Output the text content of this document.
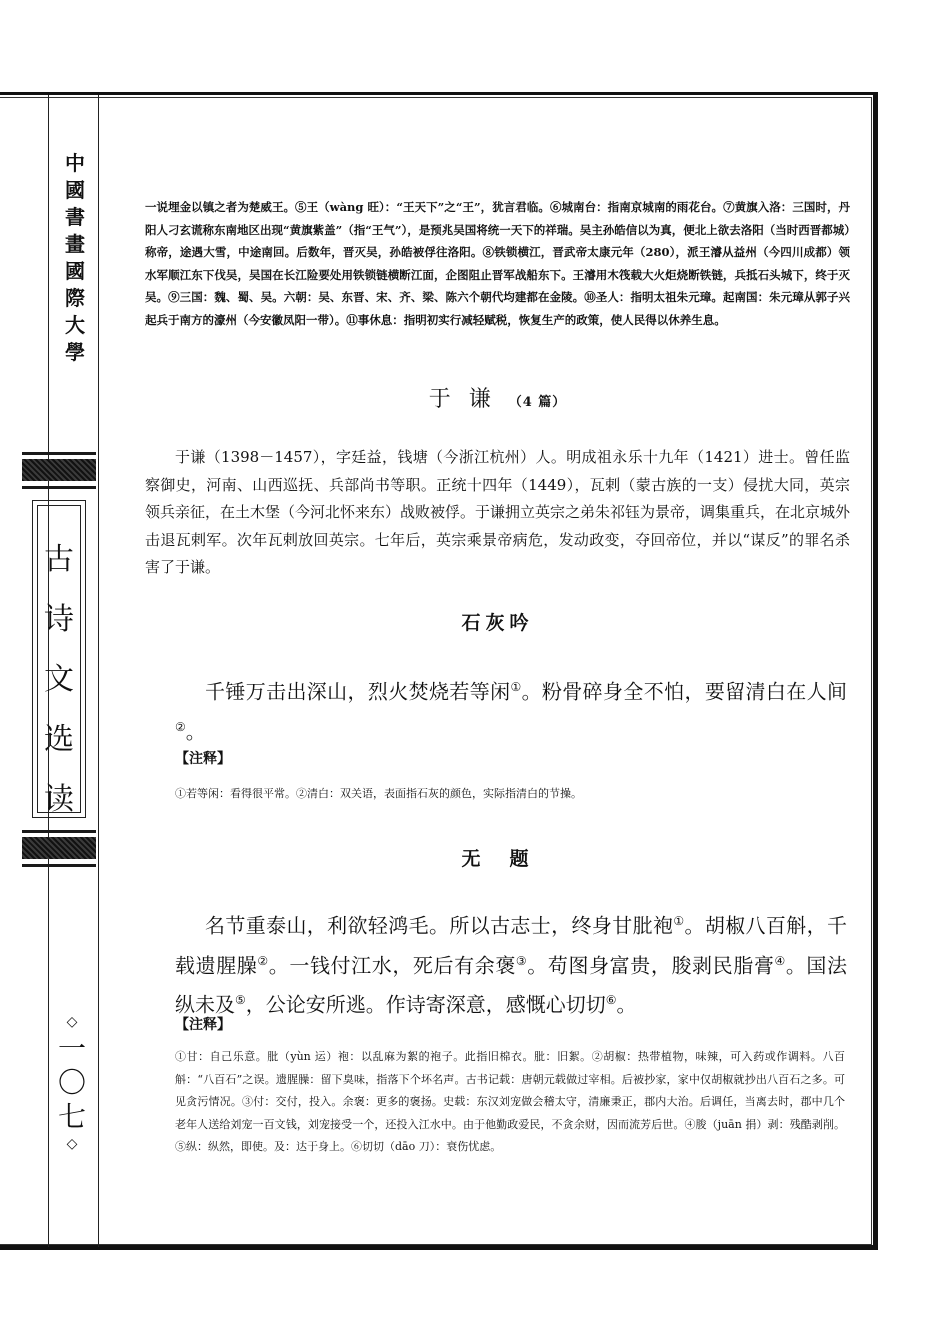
中
國
書
畫
國
際
大
學
古
诗
文
选
读
◇
一
〇
七
◇
一说埋金以镇之者为楚威王。⑤王（wàng 旺）：“王天下”之“王”，犹言君临。⑥城南台：指南京城南的雨花台。⑦黄旗入洛：三国时，丹阳人刁玄谎称东南地区出现“黄旗紫盖”（指“王气”），是预兆吴国将统一天下的祥瑞。吴主孙皓信以为真，便北上欲去洛阳（当时西晋都城）称帝，途遇大雪，中途南回。后数年，晋灭吴，孙皓被俘往洛阳。⑧铁锁横江，晋武帝太康元年（280），派王濬从益州（今四川成都）领水军顺江东下伐吴，吴国在长江险要处用铁锁链横断江面，企图阻止晋军战船东下。王濬用木筏载大火炬烧断铁链，兵抵石头城下，终于灭吴。⑨三国：魏、蜀、吴。六朝：吴、东晋、宋、齐、梁、陈六个朝代均建都在金陵。⑩圣人：指明太祖朱元璋。起南国：朱元璋从郭子兴起兵于南方的濠州（今安徽凤阳一带）。⑪事休息：指明初实行减轻赋税，恢复生产的政策，使人民得以休养生息。
于谦（4 篇）
于谦（1398－1457），字廷益，钱塘（今浙江杭州）人。明成祖永乐十九年（1421）进士。曾任监察御史，河南、山西巡抚、兵部尚书等职。正统十四年（1449），瓦剌（蒙古族的一支）侵扰大同，英宗领兵亲征，在土木堡（今河北怀来东）战败被俘。于谦拥立英宗之弟朱祁钰为景帝，调集重兵，在北京城外击退瓦剌军。次年瓦剌放回英宗。七年后，英宗乘景帝病危，发动政变，夺回帝位，并以“谋反”的罪名杀害了于谦。
石灰吟
千锤万击出深山，烈火焚烧若等闲①。粉骨碎身全不怕，要留清白在人间②。
【注释】
①若等闲：看得很平常。②清白：双关语，表面指石灰的颜色，实际指清白的节操。
无　题
名节重泰山，利欲轻鸿毛。所以古志士，终身甘肶袍①。胡椒八百斛，千载遗腥臊②。一钱付江水，死后有余褒③。苟图身富贵，朘剥民脂膏④。国法纵未及⑤，公论安所逃。作诗寄深意，感慨心切切⑥。
【注释】
①甘：自己乐意。肶（yùn 运）袍：以乱麻为絮的袍子。此指旧棉衣。肶：旧絮。②胡椒：热带植物，味辣，可入药或作调料。八百斛：“八百石”之误。遗腥臊：留下臭味，指落下个坏名声。古书记载：唐朝元载做过宰相。后被抄家，家中仅胡椒就抄出八百石之多。可见贪污情况。③付：交付，投入。余褒：更多的褒扬。史载：东汉刘宠做会稽太守，清廉秉正，郡内大治。后调任，当离去时，郡中几个老年人送给刘宠一百文钱，刘宠接受一个，还投入江水中。由于他勤政爱民，不贪余财，因而流芳后世。④朘（juān 捐）剥：残酷剥削。⑤纵：纵然，即使。及：达于身上。⑥切切（dāo 刀）：衰伤忧虑。
